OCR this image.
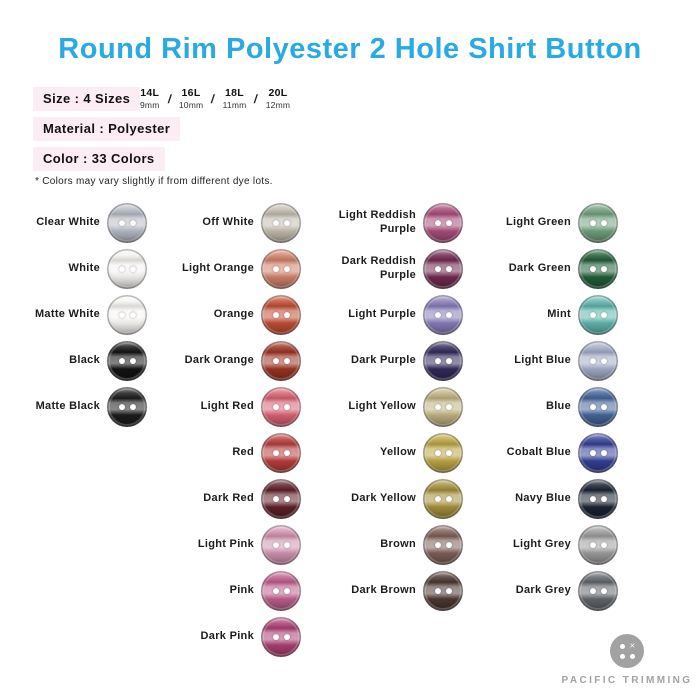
Round Rim Polyester 2 Hole Shirt Button
Size : 4 Sizes 14L
9mm / 16L
10mm / 18L
11mm / 20L
12mm
Material : Polyester
Color : 33 Colors
* Colors may vary slightly if from different dye lots.
Clear White
White
Matte White
Black
Matte Black
Off White
Light Orange
Orange
Dark Orange
Light Red
Red
Dark Red
Light Pink
Pink
Dark Pink
Light Reddish Purple
Dark Reddish Purple
Light Purple
Dark Purple
Light Yellow
Yellow
Dark Yellow
Brown
Dark Brown
Light Green
Dark Green
Mint
Light Blue
Blue
Cobalt Blue
Navy Blue
Light Grey
Dark Grey
✕
PACIFIC TRIMMING
